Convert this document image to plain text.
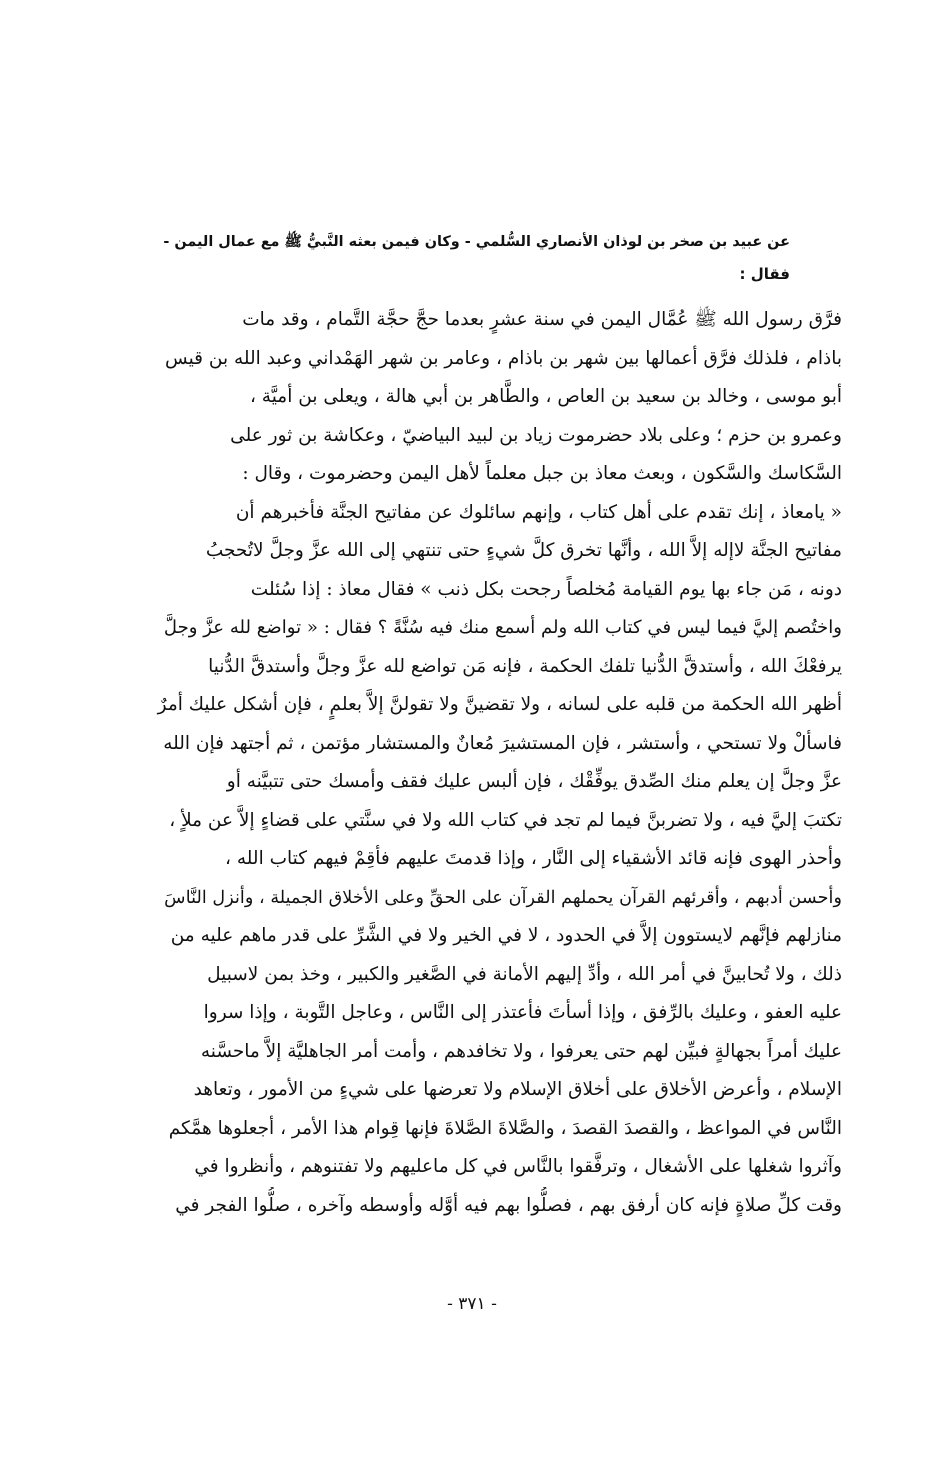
عن عبيد بن صخر بن لوذان الأنصاري السُّلمي - وكان فيمن بعثه النَّبيُّ ﷺ مع عمال اليمن -
فقال :
فرَّق رسول الله ﷺ عُمَّال اليمن في سنة عشرٍ بعدما حجَّ حجَّة التَّمام ، وقد مات
باذام ، فلذلك فرَّق أعمالها بين شهر بن باذام ، وعامر بن شهر الهَمْداني وعبد الله بن قيس
أبو موسى ، وخالد بن سعيد بن العاص ، والطَّاهر بن أبي هالة ، ويعلى بن أميَّة ،
وعمرو بن حزم ؛ وعلى بلاد حضرموت زياد بن لبيد البياضيّ ، وعكاشة بن ثور على
السَّكاسك والسَّكون ، وبعث معاذ بن جبل معلماً لأهل اليمن وحضرموت ، وقال :
« يامعاذ ، إنك تقدم على أهل كتاب ، وإنهم سائلوك عن مفاتيح الجنَّة فأخبرهم أن
مفاتيح الجنَّة لاإله إلاَّ الله ، وأنَّها تخرق كلَّ شيءٍ حتى تنتهي إلى الله عزَّ وجلَّ لاتُحجبُ
دونه ، مَن جاء بها يوم القيامة مُخلصاً رجحت بكل ذنب » فقال معاذ : إذا سُئلت
واختُصم إليَّ فيما ليس في كتاب الله ولم أسمع منك فيه سُنَّةً ؟ فقال : « تواضع لله عزَّ وجلَّ
يرفعْكَ الله ، وأستدقَّ الدُّنيا تلفك الحكمة ، فإنه مَن تواضع لله عزَّ وجلَّ وأستدقَّ الدُّنيا
أظهر الله الحكمة من قلبه على لسانه ، ولا تقضينَّ ولا تقولنَّ إلاَّ بعلمٍ ، فإن أشكل عليك أمرٌ
فاسألْ ولا تستحي ، وأستشر ، فإن المستشيرَ مُعانٌ والمستشار مؤتمن ، ثم أجتهد فإن الله
عزَّ وجلَّ إن يعلم منك الصِّدق يوفِّقْك ، فإن ألبس عليك فقف وأمسك حتى تتبيَّنه أو
تكتبَ إليَّ فيه ، ولا تضربنَّ فيما لم تجد في كتاب الله ولا في سنَّتي على قضاءٍ إلاَّ عن ملأٍ ،
وأحذر الهوى فإنه قائد الأشقياء إلى النَّار ، وإذا قدمتَ عليهم فأقِمْ فيهم كتاب الله ،
وأحسن أدبهم ، وأقرئهم القرآن يحملهم القرآن على الحقِّ وعلى الأخلاق الجميلة ، وأنزل النَّاسَ
منازلهم فإنَّهم لايستوون إلاَّ في الحدود ، لا في الخير ولا في الشَّرِّ على قدر ماهم عليه من
ذلك ، ولا تُحابينَّ في أمر الله ، وأدِّ إليهم الأمانة في الصَّغير والكبير ، وخذ بمن لاسبيل
عليه العفو ، وعليك بالرِّفق ، وإذا أسأتَ فأعتذر إلى النَّاس ، وعاجل التَّوبة ، وإذا سروا
عليك أمراً بجهالةٍ فبيِّن لهم حتى يعرفوا ، ولا تخافدهم ، وأمت أمر الجاهليَّة إلاَّ ماحسَّنه
الإسلام ، وأعرض الأخلاق على أخلاق الإسلام ولا تعرضها على شيءٍ من الأمور ، وتعاهد
النَّاس في المواعظ ، والقصدَ القصدَ ، والصَّلاةَ الصَّلاةَ فإنها قِوام هذا الأمر ، أجعلوها همَّكم
وآثروا شغلها على الأشغال ، وترفَّقوا بالنَّاس في كل ماعليهم ولا تفتنوهم ، وأنظروا في
وقت كلِّ صلاةٍ فإنه كان أرفق بهم ، فصلُّوا بهم فيه أوَّله وأوسطه وآخره ، صلُّوا الفجر في
- ٣٧١ -
